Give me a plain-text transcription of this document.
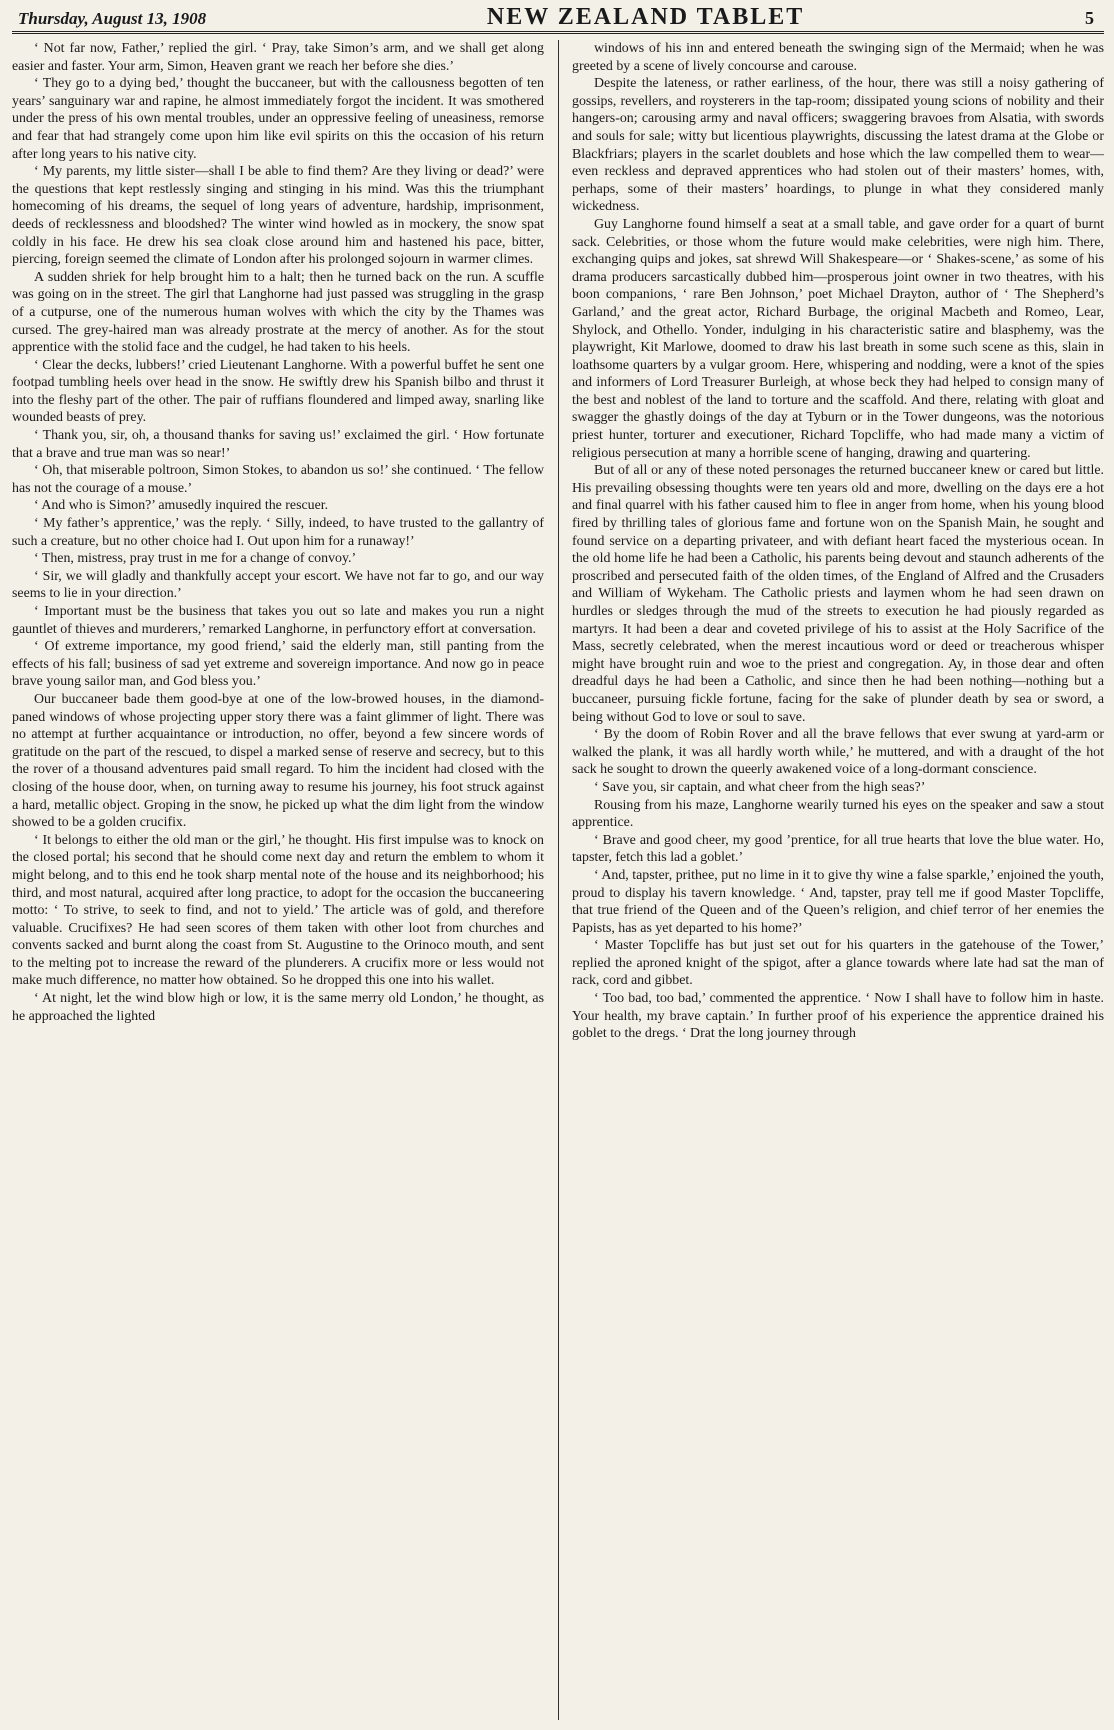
Thursday, August 13, 1908	NEW ZEALAND TABLET	5

‘ Not far now, Father,’ replied the girl. ‘ Pray, take Simon’s arm, and we shall get along easier and faster. Your arm, Simon, Heaven grant we reach her before she dies.’

‘ They go to a dying bed,’ thought the buccaneer, but with the callousness begotten of ten years’ sanguinary war and rapine, he almost immediately forgot the incident. It was smothered under the press of his own mental troubles, under an oppressive feeling of uneasiness, remorse and fear that had strangely come upon him like evil spirits on this the occasion of his return after long years to his native city.

‘ My parents, my little sister—shall I be able to find them? Are they living or dead?’ were the questions that kept restlessly singing and stinging in his mind. Was this the triumphant homecoming of his dreams, the sequel of long years of adventure, hardship, imprisonment, deeds of recklessness and bloodshed? The winter wind howled as in mockery, the snow spat coldly in his face. He drew his sea cloak close around him and hastened his pace, bitter, piercing, foreign seemed the climate of London after his prolonged sojourn in warmer climes.

A sudden shriek for help brought him to a halt; then he turned back on the run. A scuffle was going on in the street. The girl that Langhorne had just passed was struggling in the grasp of a cutpurse, one of the numerous human wolves with which the city by the Thames was cursed. The grey-haired man was already prostrate at the mercy of another. As for the stout apprentice with the stolid face and the cudgel, he had taken to his heels.

‘ Clear the decks, lubbers!’ cried Lieutenant Langhorne. With a powerful buffet he sent one footpad tumbling heels over head in the snow. He swiftly drew his Spanish bilbo and thrust it into the fleshy part of the other. The pair of ruffians floundered and limped away, snarling like wounded beasts of prey.

‘ Thank you, sir, oh, a thousand thanks for saving us!’ exclaimed the girl. ‘ How fortunate that a brave and true man was so near!’

‘ Oh, that miserable poltroon, Simon Stokes, to abandon us so!’ she continued. ‘ The fellow has not the courage of a mouse.’

‘ And who is Simon?’ amusedly inquired the rescuer.

‘ My father’s apprentice,’ was the reply. ‘ Silly, indeed, to have trusted to the gallantry of such a creature, but no other choice had I. Out upon him for a runaway!’

‘ Then, mistress, pray trust in me for a change of convoy.’

‘ Sir, we will gladly and thankfully accept your escort. We have not far to go, and our way seems to lie in your direction.’

‘ Important must be the business that takes you out so late and makes you run a night gauntlet of thieves and murderers,’ remarked Langhorne, in perfunctory effort at conversation.

‘ Of extreme importance, my good friend,’ said the elderly man, still panting from the effects of his fall; business of sad yet extreme and sovereign importance. And now go in peace brave young sailor man, and God bless you.’

Our buccaneer bade them good-bye at one of the low-browed houses, in the diamond-paned windows of whose projecting upper story there was a faint glimmer of light. There was no attempt at further acquaintance or introduction, no offer, beyond a few sincere words of gratitude on the part of the rescued, to dispel a marked sense of reserve and secrecy, but to this the rover of a thousand adventures paid small regard. To him the incident had closed with the closing of the house door, when, on turning away to resume his journey, his foot struck against a hard, metallic object. Groping in the snow, he picked up what the dim light from the window showed to be a golden crucifix.

‘ It belongs to either the old man or the girl,’ he thought. His first impulse was to knock on the closed portal; his second that he should come next day and return the emblem to whom it might belong, and to this end he took sharp mental note of the house and its neighborhood; his third, and most natural, acquired after long practice, to adopt for the occasion the buccaneering motto: ‘ To strive, to seek to find, and not to yield.’ The article was of gold, and therefore valuable. Crucifixes? He had seen scores of them taken with other loot from churches and convents sacked and burnt along the coast from St. Augustine to the Orinoco mouth, and sent to the melting pot to increase the reward of the plunderers. A crucifix more or less would not make much difference, no matter how obtained. So he dropped this one into his wallet.

‘ At night, let the wind blow high or low, it is the same merry old London,’ he thought, as he approached the lighted

windows of his inn and entered beneath the swinging sign of the Mermaid; when he was greeted by a scene of lively concourse and carouse.

Despite the lateness, or rather earliness, of the hour, there was still a noisy gathering of gossips, revellers, and roysterers in the tap-room; dissipated young scions of nobility and their hangers-on; carousing army and naval officers; swaggering bravoes from Alsatia, with swords and souls for sale; witty but licentious playwrights, discussing the latest drama at the Globe or Blackfriars; players in the scarlet doublets and hose which the law compelled them to wear—even reckless and depraved apprentices who had stolen out of their masters’ homes, with, perhaps, some of their masters’ hoardings, to plunge in what they considered manly wickedness.

Guy Langhorne found himself a seat at a small table, and gave order for a quart of burnt sack. Celebrities, or those whom the future would make celebrities, were nigh him. There, exchanging quips and jokes, sat shrewd Will Shakespeare—or ‘ Shakes-scene,’ as some of his drama producers sarcastically dubbed him—prosperous joint owner in two theatres, with his boon companions, ‘ rare Ben Johnson,’ poet Michael Drayton, author of ‘ The Shepherd’s Garland,’ and the great actor, Richard Burbage, the original Macbeth and Romeo, Lear, Shylock, and Othello. Yonder, indulging in his characteristic satire and blasphemy, was the playwright, Kit Marlowe, doomed to draw his last breath in some such scene as this, slain in loathsome quarters by a vulgar groom. Here, whispering and nodding, were a knot of the spies and informers of Lord Treasurer Burleigh, at whose beck they had helped to consign many of the best and noblest of the land to torture and the scaffold. And there, relating with gloat and swagger the ghastly doings of the day at Tyburn or in the Tower dungeons, was the notorious priest hunter, torturer and executioner, Richard Topcliffe, who had made many a victim of religious persecution at many a horrible scene of hanging, drawing and quartering.

But of all or any of these noted personages the returned buccaneer knew or cared but little. His prevailing obsessing thoughts were ten years old and more, dwelling on the days ere a hot and final quarrel with his father caused him to flee in anger from home, when his young blood fired by thrilling tales of glorious fame and fortune won on the Spanish Main, he sought and found service on a departing privateer, and with defiant heart faced the mysterious ocean. In the old home life he had been a Catholic, his parents being devout and staunch adherents of the proscribed and persecuted faith of the olden times, of the England of Alfred and the Crusaders and William of Wykeham. The Catholic priests and laymen whom he had seen drawn on hurdles or sledges through the mud of the streets to execution he had piously regarded as martyrs. It had been a dear and coveted privilege of his to assist at the Holy Sacrifice of the Mass, secretly celebrated, when the merest incautious word or deed or treacherous whisper might have brought ruin and woe to the priest and congregation. Ay, in those dear and often dreadful days he had been a Catholic, and since then he had been nothing—nothing but a buccaneer, pursuing fickle fortune, facing for the sake of plunder death by sea or sword, a being without God to love or soul to save.

‘ By the doom of Robin Rover and all the brave fellows that ever swung at yard-arm or walked the plank, it was all hardly worth while,’ he muttered, and with a draught of the hot sack he sought to drown the queerly awakened voice of a long-dormant conscience.

‘ Save you, sir captain, and what cheer from the high seas?’

Rousing from his maze, Langhorne wearily turned his eyes on the speaker and saw a stout apprentice.

‘ Brave and good cheer, my good ’prentice, for all true hearts that love the blue water. Ho, tapster, fetch this lad a goblet.’

‘ And, tapster, prithee, put no lime in it to give thy wine a false sparkle,’ enjoined the youth, proud to display his tavern knowledge. ‘ And, tapster, pray tell me if good Master Topcliffe, that true friend of the Queen and of the Queen’s religion, and chief terror of her enemies the Papists, has as yet departed to his home?’

‘ Master Topcliffe has but just set out for his quarters in the gatehouse of the Tower,’ replied the aproned knight of the spigot, after a glance towards where late had sat the man of rack, cord and gibbet.

‘ Too bad, too bad,’ commented the apprentice. ‘ Now I shall have to follow him in haste. Your health, my brave captain.’ In further proof of his experience the apprentice drained his goblet to the dregs. ‘ Drat the long journey through
